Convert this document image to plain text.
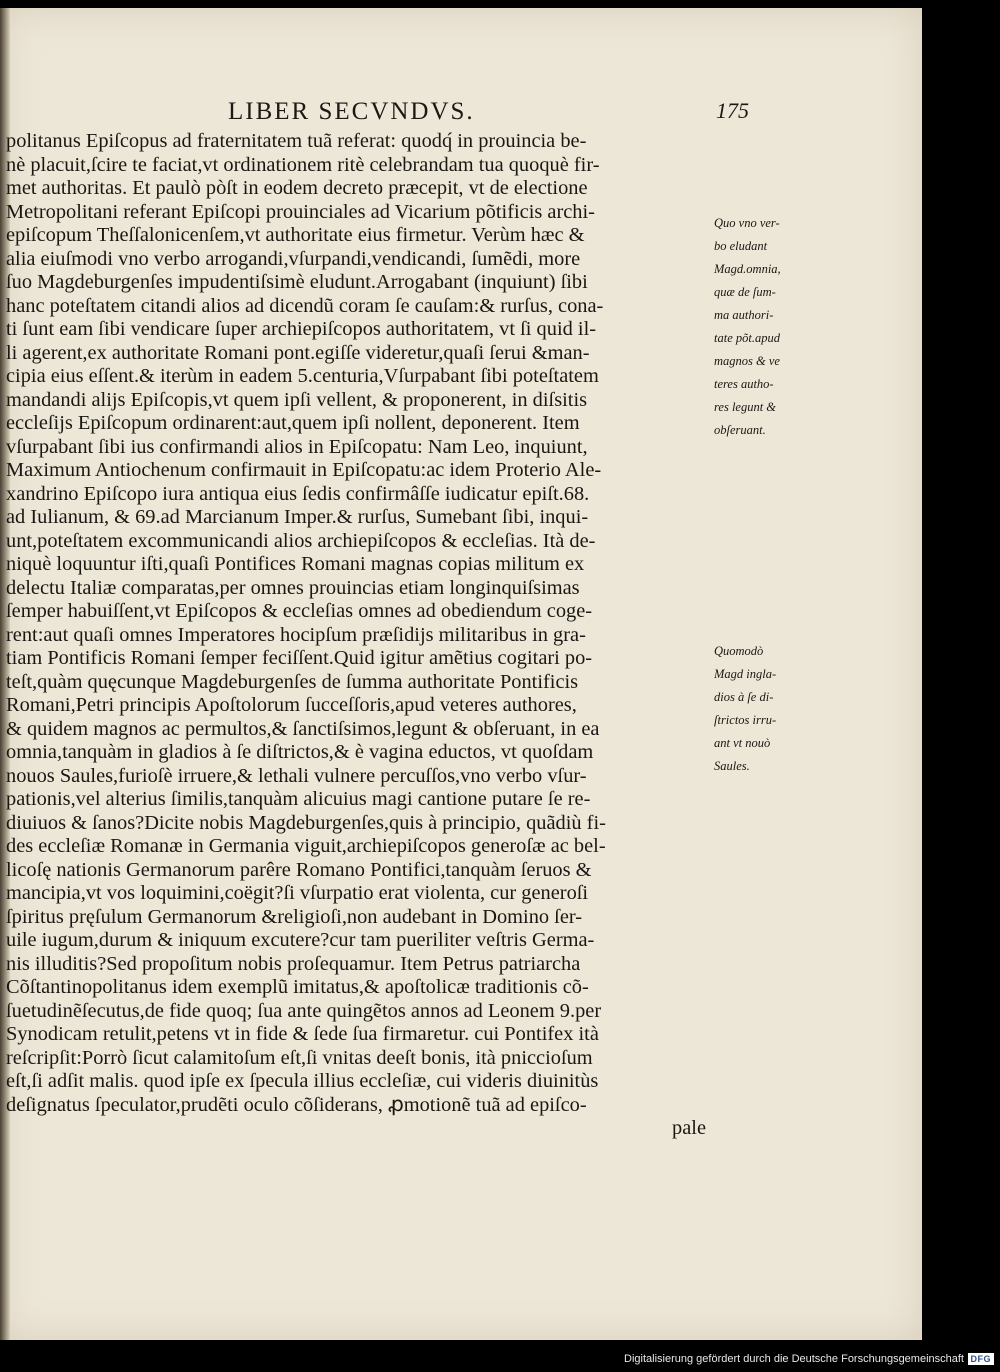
LIBER SECVNDVS.	175
politanus Epiſcopus ad fraternitatem tuã referat: quodq́ in prouincia be-
nè placuit,ſcire te faciat,vt ordinationem ritè celebrandam tua quoquè fir-
met authoritas. Et paulò pòſt in eodem decreto præcepit, vt de electione
Metropolitani referant Epiſcopi prouinciales ad Vicarium põtificis archi-
epiſcopum Theſſalonicenſem,vt authoritate eius firmetur. Verùm hæc &
alia eiuſmodi vno verbo arrogandi,vſurpandi,vendicandi, ſumẽdi, more
ſuo Magdeburgenſes impudentiſsimè eludunt.Arrogabant (inquiunt) ſibi
hanc poteſtatem citandi alios ad dicendũ coram ſe cauſam:& rurſus, cona-
ti ſunt eam ſibi vendicare ſuper archiepiſcopos authoritatem, vt ſi quid il-
li agerent,ex authoritate Romani pont.egiſſe videretur,quaſi ſerui &man-
cipia eius eſſent.& iterùm in eadem 5.centuria,Vſurpabant ſibi poteſtatem
mandandi alijs Epiſcopis,vt quem ipſi vellent, & proponerent, in diſsitis
eccleſijs Epiſcopum ordinarent:aut,quem ipſi nollent, deponerent. Item
vſurpabant ſibi ius confirmandi alios in Epiſcopatu: Nam Leo, inquiunt,
Maximum Antiochenum confirmauit in Epiſcopatu:ac idem Proterio Ale-
xandrino Epiſcopo iura antiqua eius ſedis confirmâſſe iudicatur epiſt.68.
ad Iulianum, & 69.ad Marcianum Imper.& rurſus, Sumebant ſibi, inqui-
unt,poteſtatem excommunicandi alios archiepiſcopos & eccleſias. Ità de-
niquè loquuntur iſti,quaſi Pontifices Romani magnas copias militum ex
delectu Italiæ comparatas,per omnes prouincias etiam longinquiſsimas
ſemper habuiſſent,vt Epiſcopos & eccleſias omnes ad obediendum coge-
rent:aut quaſi omnes Imperatores hocipſum præſidijs militaribus in gra-
tiam Pontificis Romani ſemper feciſſent.Quid igitur amẽtius cogitari po-
teſt,quàm quęcunque Magdeburgenſes de ſumma authoritate Pontificis
Romani,Petri principis Apoſtolorum ſucceſſoris,apud veteres authores,
& quidem magnos ac permultos,& ſanctiſsimos,legunt & obſeruant, in ea
omnia,tanquàm in gladios à ſe diſtrictos,& è vagina eductos, vt quoſdam
nouos Saules,furioſè irruere,& lethali vulnere percuſſos,vno verbo vſur-
pationis,vel alterius ſimilis,tanquàm alicuius magi cantione putare ſe re-
diuiuos & ſanos?Dicite nobis Magdeburgenſes,quis à principio, quãdiù fi-
des eccleſiæ Romanæ in Germania viguit,archiepiſcopos generoſæ ac bel-
licoſę nationis Germanorum parêre Romano Pontifici,tanquàm ſeruos &
mancipia,vt vos loquimini,coëgit?ſi vſurpatio erat violenta, cur generoſi
ſpiritus pręſulum Germanorum &religioſi,non audebant in Domino ſer-
uile iugum,durum & iniquum excutere?cur tam pueriliter veſtris Germa-
nis illuditis?Sed propoſitum nobis proſequamur. Item Petrus patriarcha
Cõſtantinopolitanus idem exemplũ imitatus,& apoſtolicæ traditionis cõ-
ſuetudinẽſecutus,de fide quoq; ſua ante quingẽtos annos ad Leonem 9.per
Synodicam retulit,petens vt in fide & ſede ſua firmaretur. cui Pontifex ità
reſcripſit:Porrò ſicut calamitoſum eſt,ſi vnitas deeſt bonis, ità pniccioſum
eſt,ſi adſit malis. quod ipſe ex ſpecula illius eccleſiæ, cui videris diuinitùs
deſignatus ſpeculator,prudẽti oculo cõſiderans, ꝓmotionẽ tuã ad epiſco-
pale
Quo vno ver-
bo eludant
Magd.omnia,
quæ de ſum-
ma authori-
tate põt.apud
magnos & ve
teres autho-
res legunt &
obſeruant.
Quomodò
Magd ingla-
dios à ſe di-
ſtrictos irru-
ant vt nouò
Saules.
Digitalisierung gefördert durch die Deutsche Forschungsgemeinschaft DFG
